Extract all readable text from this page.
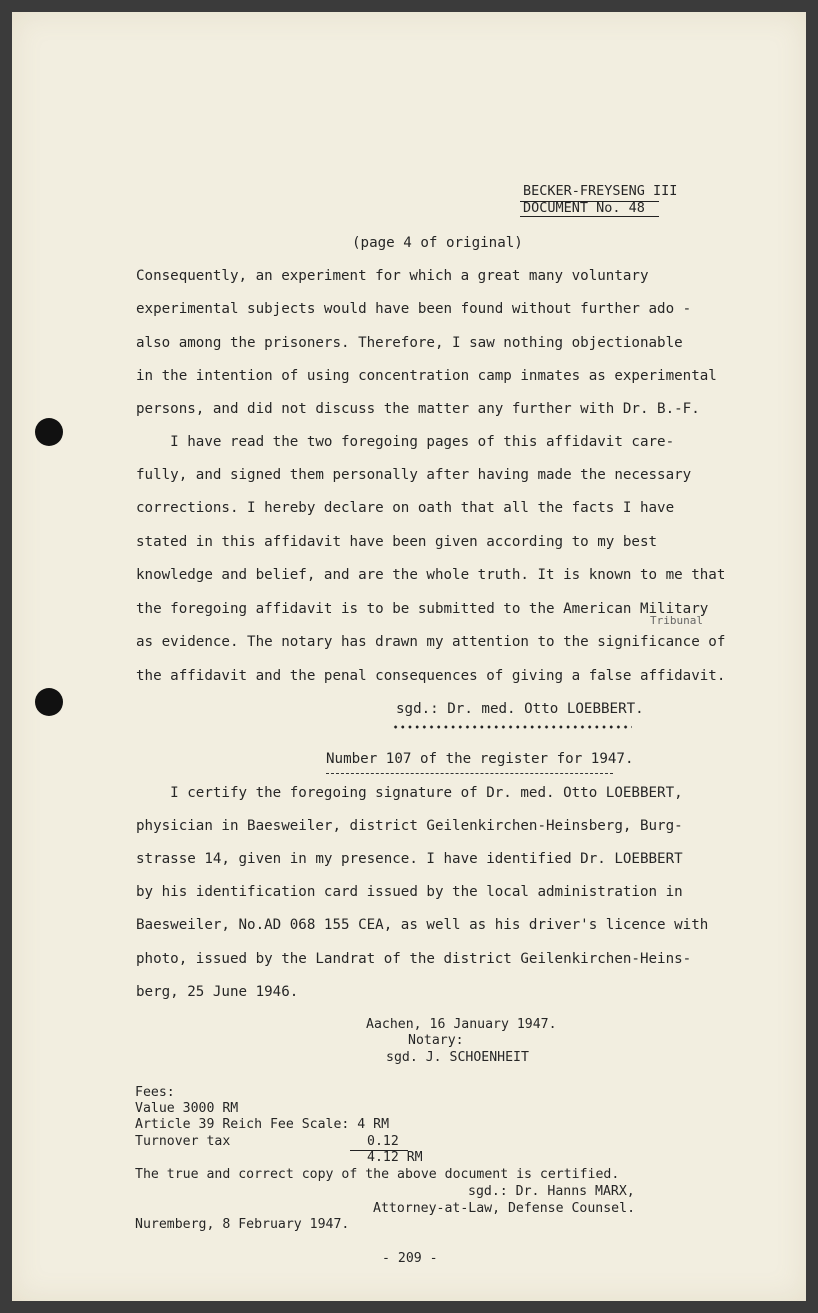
BECKER-FREYSENG III
DOCUMENT No. 48
(page 4 of original)
Consequently, an experiment for which a great many voluntary
experimental subjects would have been found without further ado -
also among the prisoners. Therefore, I saw nothing objectionable
in the intention of using concentration camp inmates as experimental
persons, and did not discuss the matter any further with Dr. B.-F.
I have read the two foregoing pages of this affidavit care-
fully, and signed them personally after having made the necessary
corrections. I hereby declare on oath that all the facts I have
stated in this affidavit have been given according to my best
knowledge and belief, and are the whole truth. It is known to me that
the foregoing affidavit is to be submitted to the American Military
Tribunal
as evidence. The notary has drawn my attention to the significance of
the affidavit and the penal consequences of giving a false affidavit.
sgd.: Dr. med. Otto LOEBBERT.
Number 107 of the register for 1947.
I certify the foregoing signature of Dr. med. Otto LOEBBERT,
physician in Baesweiler, district Geilenkirchen-Heinsberg, Burg-
strasse 14, given in my presence. I have identified Dr. LOEBBERT
by his identification card issued by the local administration in
Baesweiler, No.AD 068 155 CEA, as well as his driver's licence with
photo, issued by the Landrat of the district Geilenkirchen-Heins-
berg, 25 June 1946.
Aachen, 16 January 1947.
Notary:
sgd. J. SCHOENHEIT
Fees:
Value 3000 RM
Article 39 Reich Fee Scale: 4 RM
Turnover tax	0.12
4.12 RM
The true and correct copy of the above document is certified.
sgd.: Dr. Hanns MARX,
Attorney-at-Law, Defense Counsel.
Nuremberg, 8 February 1947.
- 209 -
